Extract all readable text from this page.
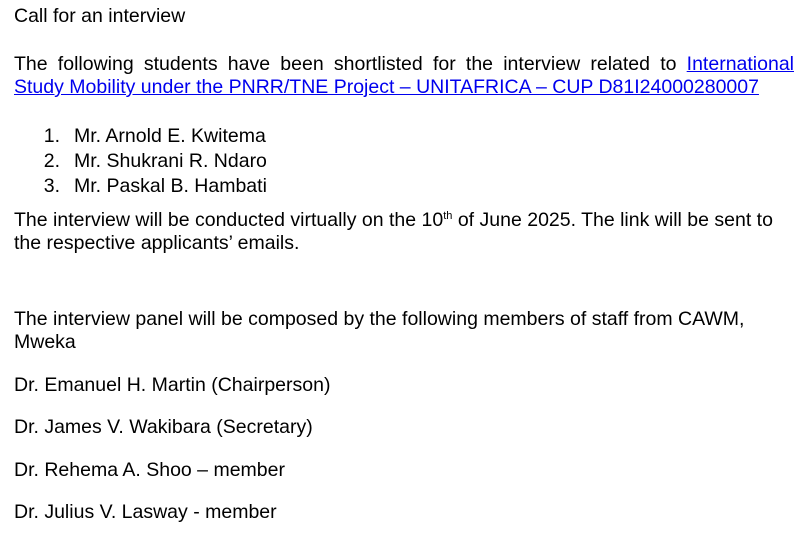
Call for an interview

The following students have been shortlisted for the interview related to International Study Mobility under the PNRR/TNE Project – UNITAFRICA – CUP D81I24000280007

1. Mr. Arnold E. Kwitema
2. Mr. Shukrani R. Ndaro
3. Mr. Paskal B. Hambati

The interview will be conducted virtually on the 10th of June 2025. The link will be sent to the respective applicants’ emails.

The interview panel will be composed by the following members of staff from CAWM, Mweka

Dr. Emanuel H. Martin (Chairperson)

Dr. James V. Wakibara (Secretary)

Dr. Rehema A. Shoo – member

Dr. Julius V. Lasway - member
